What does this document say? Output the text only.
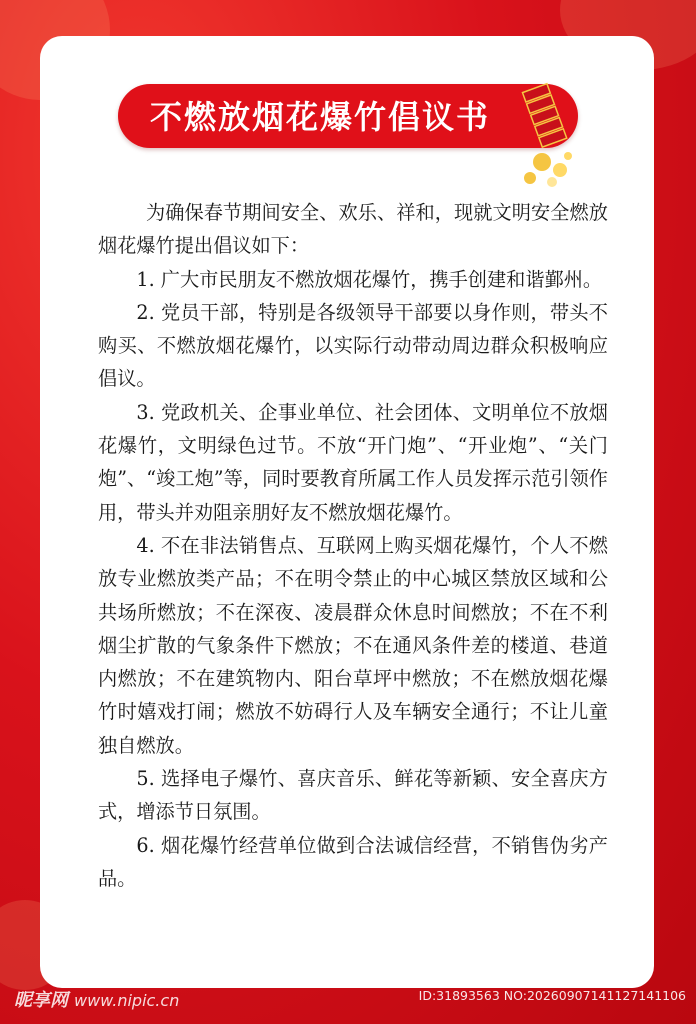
不燃放烟花爆竹倡议书

为确保春节期间安全、欢乐、祥和，现就文明安全燃放烟花爆竹提出倡议如下：

1. 广大市民朋友不燃放烟花爆竹，携手创建和谐鄞州。

2. 党员干部，特别是各级领导干部要以身作则，带头不购买、不燃放烟花爆竹，以实际行动带动周边群众积极响应倡议。

3. 党政机关、企事业单位、社会团体、文明单位不放烟花爆竹，文明绿色过节。不放“开门炮”、“开业炮”、“关门炮”、“竣工炮”等，同时要教育所属工作人员发挥示范引领作用，带头并劝阻亲朋好友不燃放烟花爆竹。

4. 不在非法销售点、互联网上购买烟花爆竹，个人不燃放专业燃放类产品；不在明令禁止的中心城区禁放区域和公共场所燃放；不在深夜、凌晨群众休息时间燃放；不在不利烟尘扩散的气象条件下燃放；不在通风条件差的楼道、巷道内燃放；不在建筑物内、阳台草坪中燃放；不在燃放烟花爆竹时嬉戏打闹；燃放不妨碍行人及车辆安全通行；不让儿童独自燃放。

5. 选择电子爆竹、喜庆音乐、鲜花等新颖、安全喜庆方式，增添节日氛围。

6. 烟花爆竹经营单位做到合法诚信经营，不销售伪劣产品。

昵享网 www.nipic.cn	ID:31893563 NO:20260907141127141106
